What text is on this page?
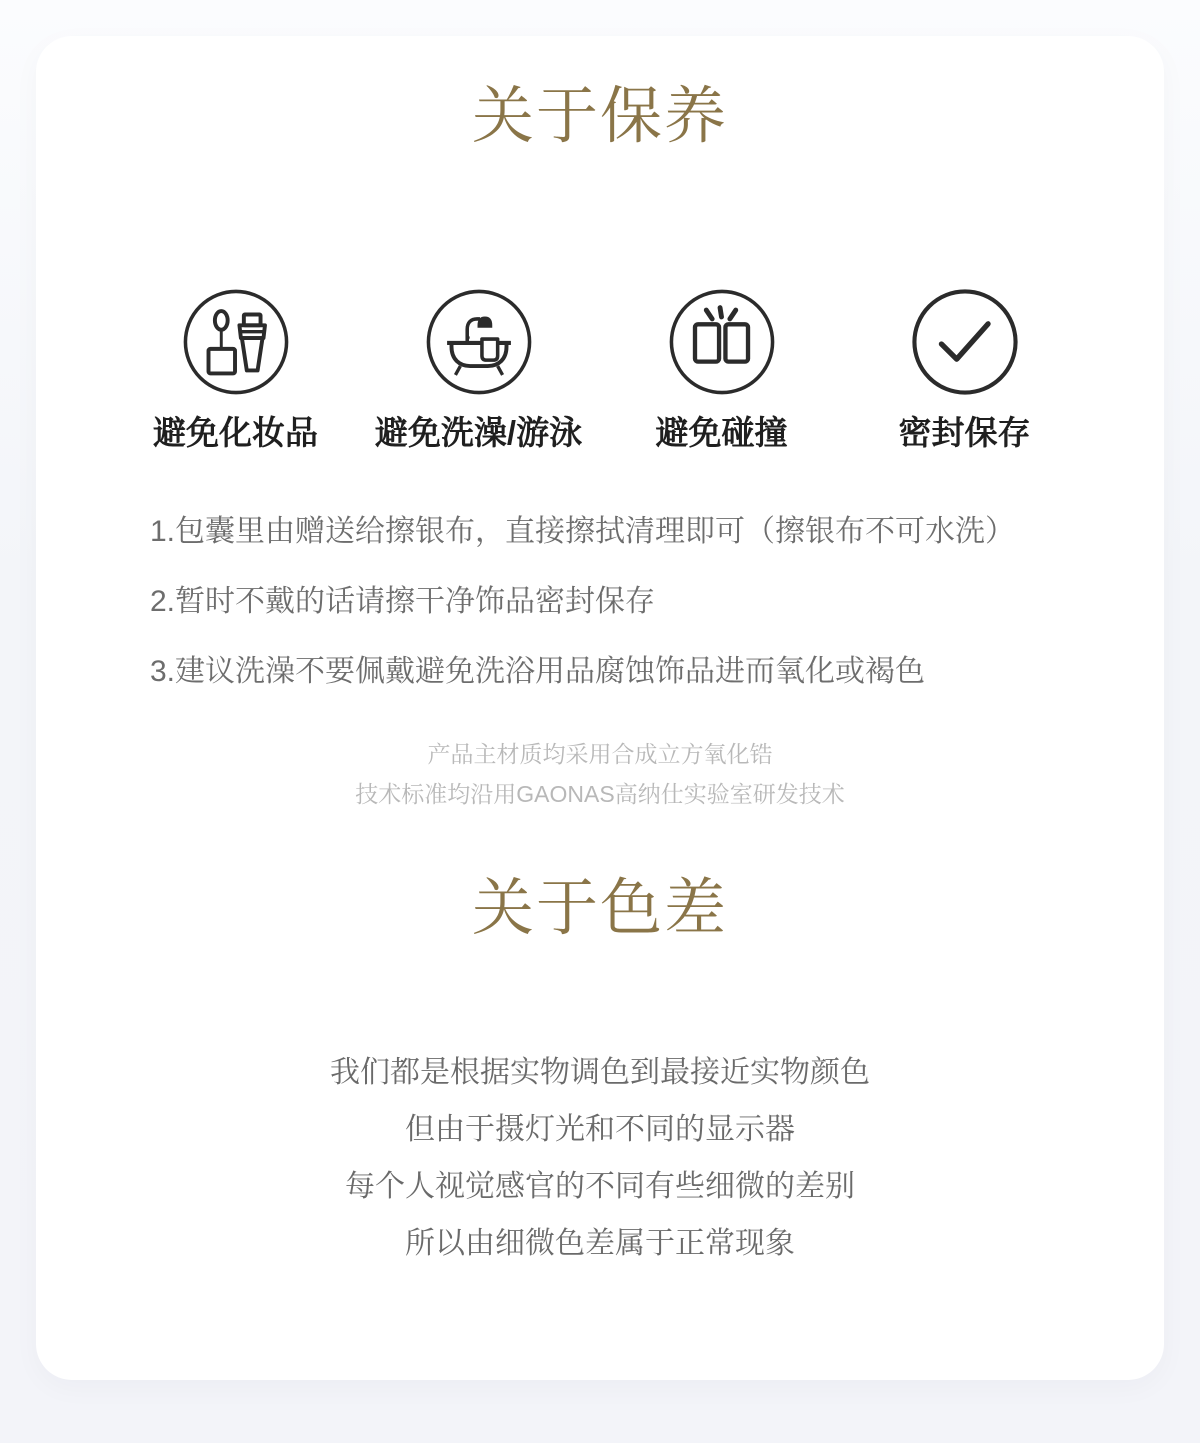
关于保养
避免化妆品 避免洗澡/游泳 避免碰撞	密封保存
1.包囊里由赠送给擦银布，直接擦拭清理即可（擦银布不可水洗）
2.暂时不戴的话请擦干净饰品密封保存
3.建议洗澡不要佩戴避免洗浴用品腐蚀饰品进而氧化或褐色
产品主材质均采用合成立方氧化锆
技术标准均沿用GAONAS高纳仕实验室研发技术
关于色差
我们都是根据实物调色到最接近实物颜色
但由于摄灯光和不同的显示器
每个人视觉感官的不同有些细微的差别
所以由细微色差属于正常现象
